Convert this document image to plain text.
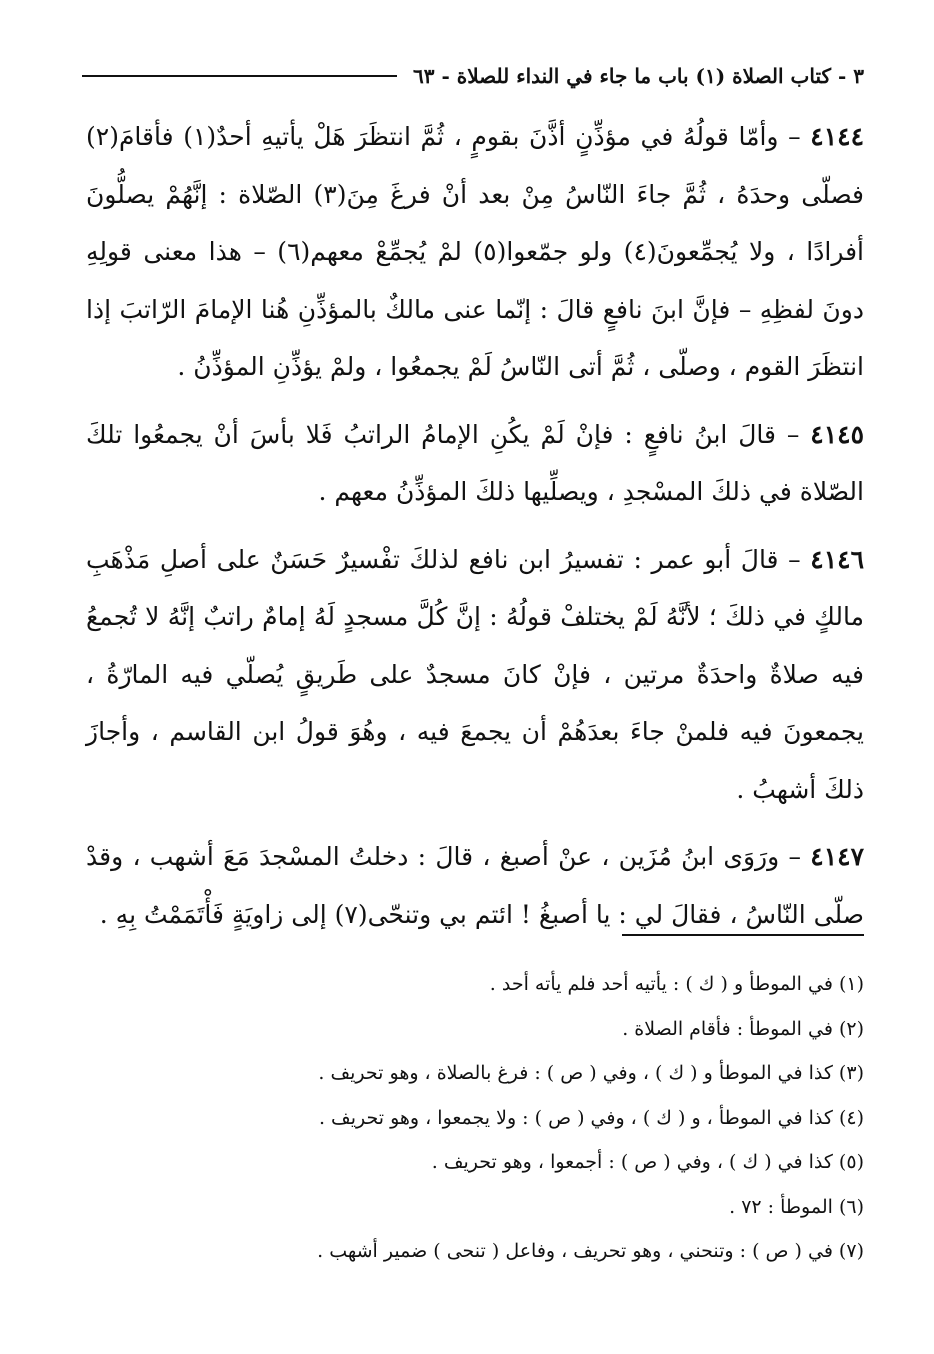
٣ - كتاب الصلاة (١) باب ما جاء في النداء للصلاة - ٦٣

٤١٤٤ – وأمّا قولُهُ في مؤذِّنٍ أذَّنَ بقومٍ ، ثُمَّ انتظَرَ هَلْ يأتيهِ أحدٌ(١) فأقامَ(٢) فصلّى وحدَهُ ، ثُمَّ جاءَ النّاسُ مِنْ بعد أنْ فرغَ مِنَ(٣) الصّلاة : إنَّهُمْ يصلُّونَ أفرادًا ، ولا يُجمِّعونَ(٤) ولو جمّعوا(٥) لمْ يُجمِّعْ معهم(٦) – هذا معنى قولِهِ دونَ لفظِهِ – فإنَّ ابنَ نافعٍ قالَ : إنّما عنى مالكٌ بالمؤذِّنِ هُنا الإمامَ الرّاتبَ إذا انتظَرَ القوم ، وصلّى ، ثُمَّ أتى النّاسُ لَمْ يجمعُوا ، ولمْ يؤذِّنِ المؤذِّنُ .

٤١٤٥ – قالَ ابنُ نافعٍ : فإنْ لَمْ يكُنِ الإمامُ الراتبُ فَلا بأسَ أنْ يجمعُوا تلكَ الصّلاة في ذلكَ المسْجدِ ، ويصلِّيها ذلكَ المؤذِّنُ معهم .

٤١٤٦ – قالَ أبو عمر : تفسيرُ ابن نافع لذلكَ تفْسيرٌ حَسَنٌ على أصلِ مَذْهَبِ مالكٍ في ذلكَ ؛ لأنَّهُ لَمْ يختلفْ قولُهُ : إنَّ كُلَّ مسجدٍ لَهُ إمامٌ راتبٌ إنَّهُ لا تُجمعُ فيه صلاةٌ واحدَةٌ مرتين ، فإنْ كانَ مسجدٌ على طَريقٍ يُصلّي فيه المارّةُ ، يجمعونَ فيه فلمنْ جاءَ بعدَهُمْ أن يجمعَ فيه ، وهُوَ قولُ ابن القاسم ، وأجازَ ذلكَ أشهبُ .

٤١٤٧ – ورَوَى ابنُ مُزَين ، عنْ أصبغ ، قالَ : دخلتُ المسْجدَ مَعَ أشهب ، وقدْ صلّى النّاسُ ، فقالَ لي : يا أصبغُ ! ائتم بي وتنحّى(٧) إلى زاويَةٍ فَأْتَمَمْتُ بِهِ .

(١) في الموطأ و ( ك ) : يأتيه أحد فلم يأته أحد .

(٢) في الموطأ : فأقام الصلاة .

(٣) كذا في الموطأ و ( ك ) ، وفي ( ص ) : فرغ بالصلاة ، وهو تحريف .

(٤) كذا في الموطأ ، و ( ك ) ، وفي ( ص ) : ولا يجمعوا ، وهو تحريف .

(٥) كذا في ( ك ) ، وفي ( ص ) : أجمعوا ، وهو تحريف .

(٦) الموطأ : ٧٢ .

(٧) في ( ص ) : وتنحني ، وهو تحريف ، وفاعل ( تنحى ) ضمير أشهب .
